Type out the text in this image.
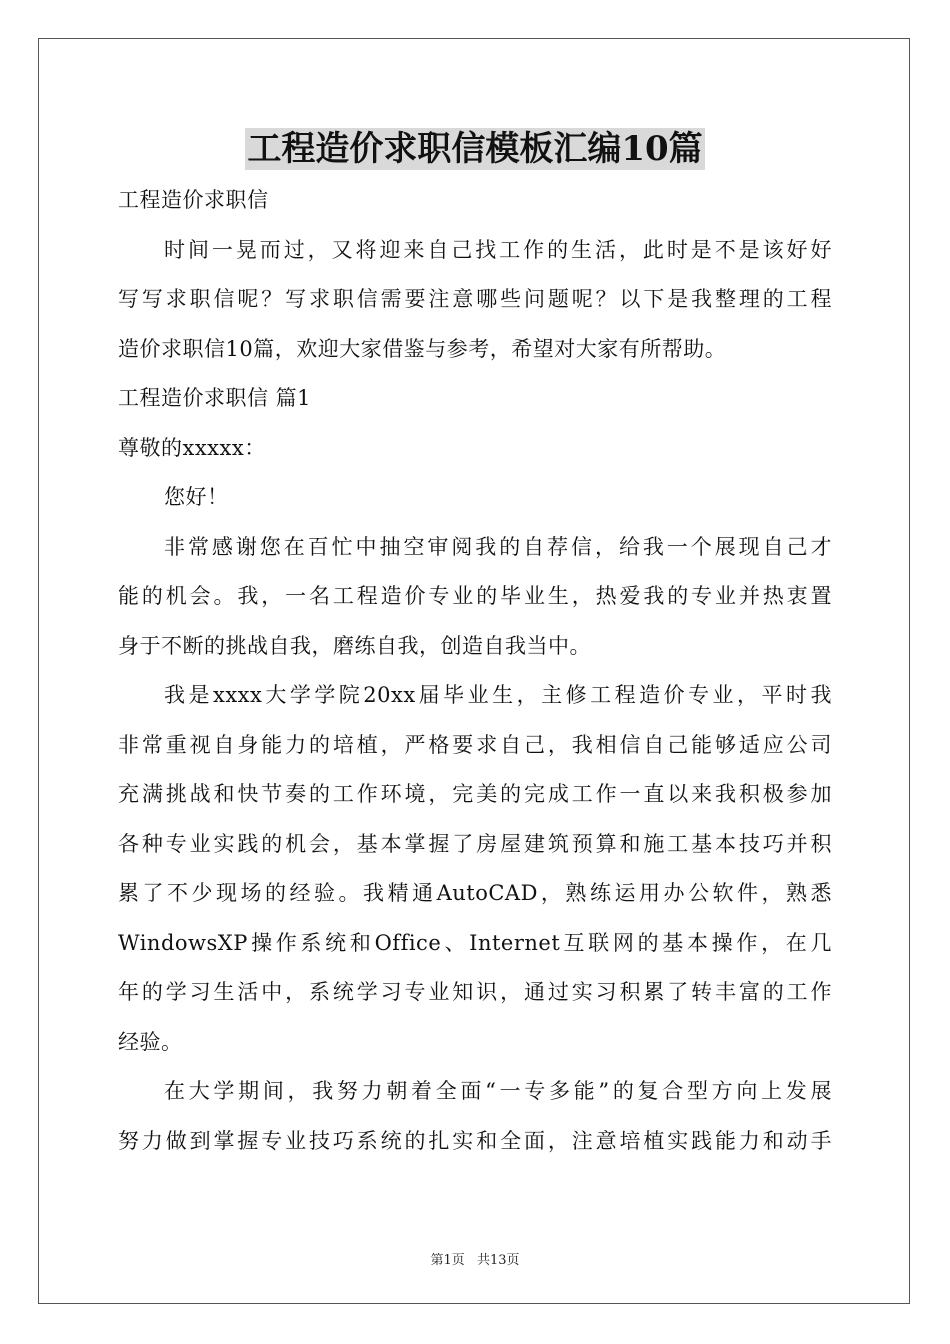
工程造价求职信模板汇编10篇
工程造价求职信
时间一晃而过，又将迎来自己找工作的生活，此时是不是该好好
写写求职信呢？写求职信需要注意哪些问题呢？以下是我整理的工程
造价求职信10篇，欢迎大家借鉴与参考，希望对大家有所帮助。
工程造价求职信 篇1
尊敬的xxxxx：
您好！
非常感谢您在百忙中抽空审阅我的自荐信，给我一个展现自己才
能的机会。我，一名工程造价专业的毕业生，热爱我的专业并热衷置
身于不断的挑战自我，磨练自我，创造自我当中。
我是xxxx大学学院20xx届毕业生，主修工程造价专业，平时我
非常重视自身能力的培植，严格要求自己，我相信自己能够适应公司
充满挑战和快节奏的工作环境，完美的完成工作一直以来我积极参加
各种专业实践的机会，基本掌握了房屋建筑预算和施工基本技巧并积
累了不少现场的经验。我精通AutoCAD，熟练运用办公软件，熟悉
WindowsXP操作系统和Office、Internet互联网的基本操作，在几
年的学习生活中，系统学习专业知识，通过实习积累了转丰富的工作
经验。
在大学期间，我努力朝着全面“一专多能”的复合型方向上发展
努力做到掌握专业技巧系统的扎实和全面，注意培植实践能力和动手
第1页 共13页
